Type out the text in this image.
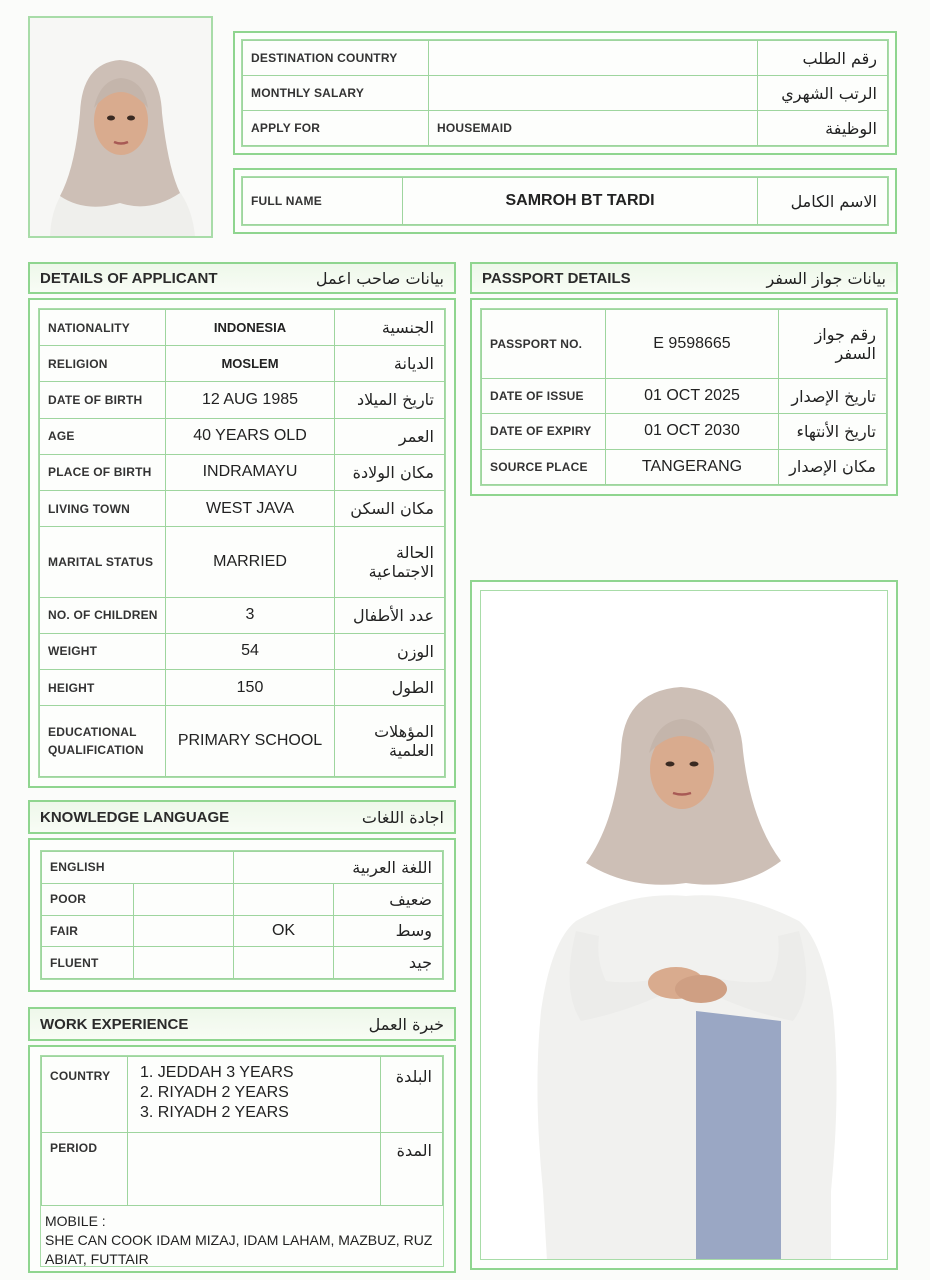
DESTINATION COUNTRY		رقم الطلب
MONTHLY SALARY		الرتب الشهري
APPLY FOR	HOUSEMAID	الوظيفة
FULL NAME	SAMROH BT TARDI	الاسم الكامل
DETAILS OF APPLICANT	بيانات صاحب اعمل
NATIONALITY	INDONESIA	الجنسية
RELIGION	MOSLEM	الديانة
DATE OF BIRTH	12 AUG 1985	تاريخ الميلاد
AGE	40 YEARS OLD	العمر
PLACE OF BIRTH	INDRAMAYU	مكان الولادة
LIVING TOWN	WEST JAVA	مكان السكن
MARITAL STATUS	MARRIED	الحالة الاجتماعية
NO. OF CHILDREN	3	عدد الأطفال
WEIGHT	54	الوزن
HEIGHT	150	الطول
EDUCATIONAL QUALIFICATION	PRIMARY SCHOOL	المؤهلات العلمية
PASSPORT DETAILS	بيانات جواز السفر
PASSPORT NO.	E 9598665	رقم جواز السفر
DATE OF ISSUE	01 OCT 2025	تاريخ الإصدار
DATE OF EXPIRY	01 OCT 2030	تاريخ الأنتهاء
SOURCE PLACE	TANGERANG	مكان الإصدار
KNOWLEDGE LANGUAGE	اجادة اللغات
ENGLISH		اللغة العربية	
POOR			ضعيف
FAIR		OK	وسط
FLUENT			جيد
WORK EXPERIENCE	خبرة العمل
COUNTRY	1. JEDDAH 3 YEARS
2. RIYADH 2 YEARS
3. RIYADH 2 YEARS	البلدة
PERIOD		المدة
MOBILE :
SHE CAN COOK IDAM MIZAJ, IDAM LAHAM, MAZBUZ, RUZ ABIAT, FUTTAIR
